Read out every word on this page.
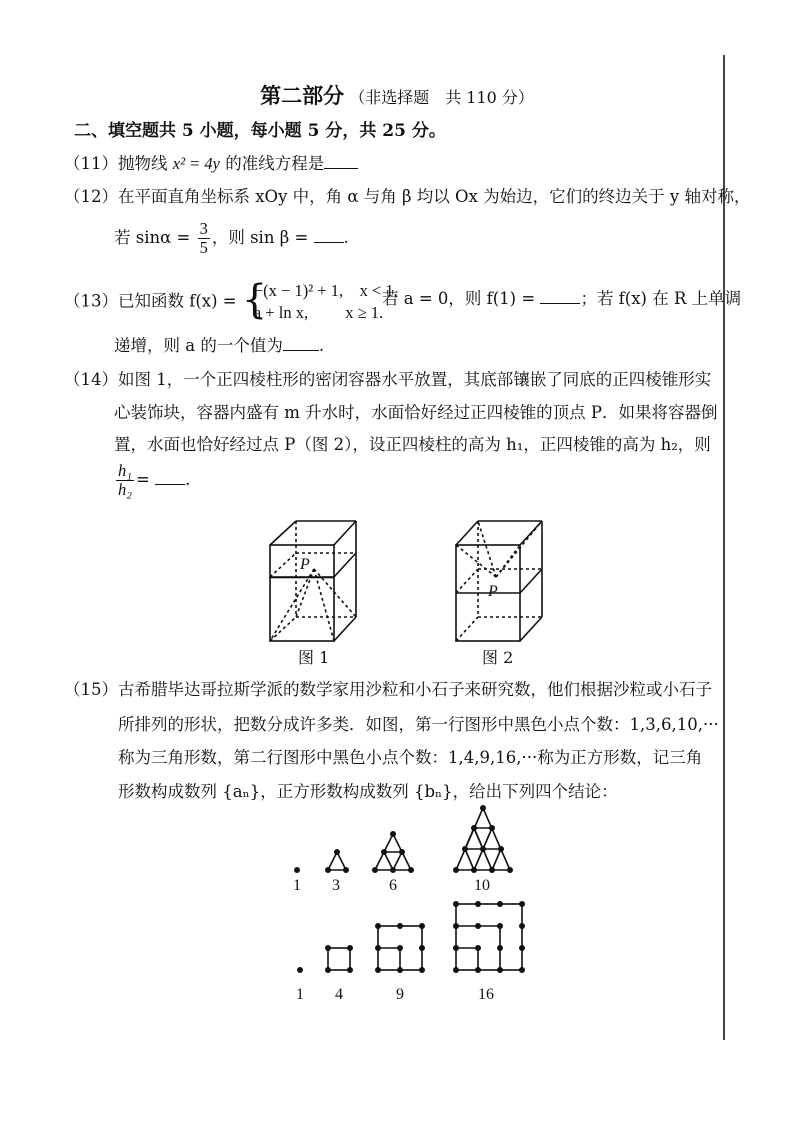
第二部分 （非选择题　共 110 分）
二、填空题共 5 小题，每小题 5 分，共 25 分。
（11）抛物线 x² = 4y 的准线方程是
（12）在平面直角坐标系 xOy 中，角 α 与角 β 均以 Ox 为始边，它们的终边关于 y 轴对称，
若 $\sin\alpha = \frac{3}{5}$ ，则 sin β = .
（13）已知函数 f(x) = {
−(x − 1)² + 1,　x < 1,
a + ln x,　　 x ≥ 1.
若 a = 0，则 f(1) = ；若 f(x) 在 R 上单调
递增，则 a 的一个值为 .
（14）如图 1，一个正四棱柱形的密闭容器水平放置，其底部镶嵌了同底的正四棱锥形实
心装饰块，容器内盛有 m 升水时，水面恰好经过正四棱锥的顶点 P．如果将容器倒
置，水面也恰好经过点 P（图 2），设正四棱柱的高为 h₁，正四棱锥的高为 h₂，则
$\frac{\text{h₁}}{\text{h₂}}$ = .
P
图 1
P
图 2
（15）古希腊毕达哥拉斯学派的数学家用沙粒和小石子来研究数，他们根据沙粒或小石子
所排列的形状，把数分成许多类．如图，第一行图形中黑色小点个数：1,3,6,10,···
称为三角形数，第二行图形中黑色小点个数：1,4,9,16,···称为正方形数，记三角
形数构成数列 {aₙ}，正方形数构成数列 {bₙ}，给出下列四个结论：
1 3	6	10
1 4	9	16
